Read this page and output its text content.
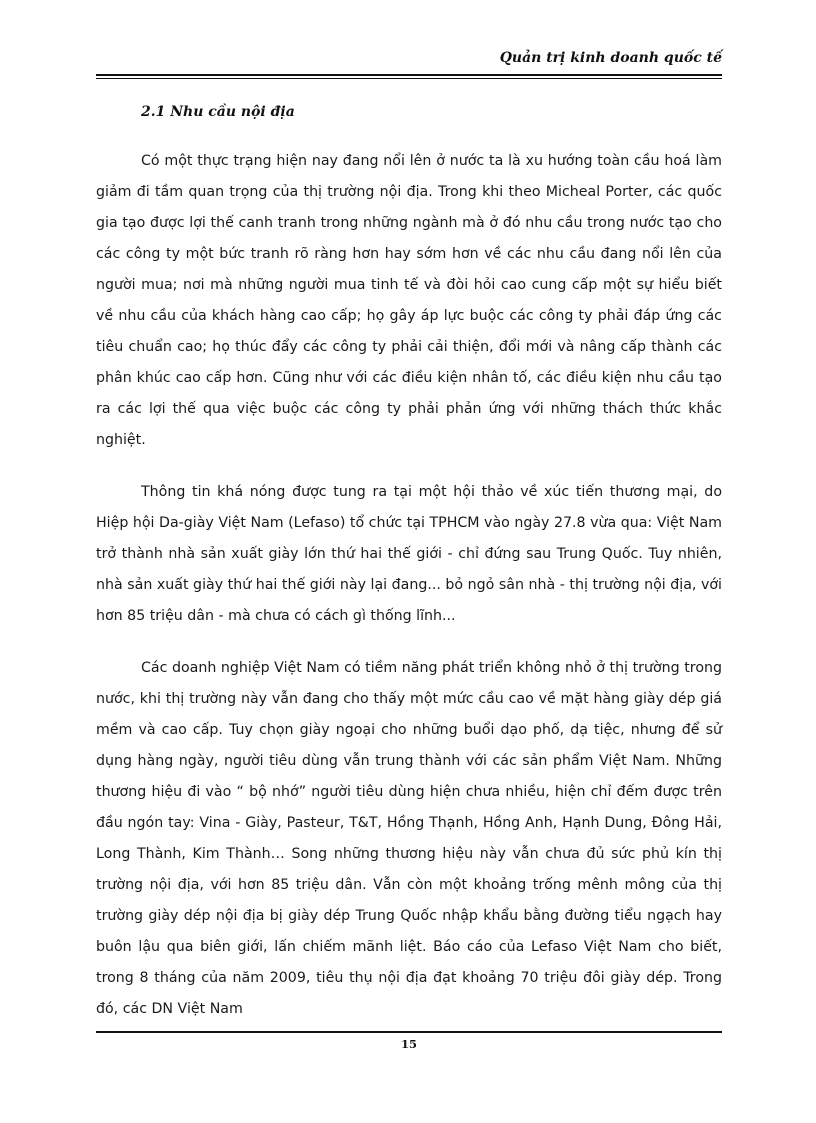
Quản trị kinh doanh quốc tế
2.1 Nhu cầu nội địa

Có một thực trạng hiện nay đang nổi lên ở nước ta là xu hướng toàn cầu hoá làm giảm đi tầm quan trọng của thị trường nội địa. Trong khi theo Micheal Porter, các quốc gia tạo được lợi thế canh tranh trong những ngành mà ở đó nhu cầu trong nước tạo cho các công ty một bức tranh rõ ràng hơn hay sớm hơn về các nhu cầu đang nổi lên của người mua; nơi mà những người mua tinh tế và đòi hỏi cao cung cấp một sự hiểu biết về nhu cầu của khách hàng cao cấp; họ gây áp lực buộc các công ty phải đáp ứng các tiêu chuẩn cao; họ thúc đẩy các công ty phải cải thiện, đổi mới và nâng cấp thành các phân khúc cao cấp hơn. Cũng như với các điều kiện nhân tố, các điều kiện nhu cầu tạo ra các lợi thế qua việc buộc các công ty phải phản ứng với những thách thức khắc nghiệt.

Thông tin khá nóng được tung ra tại một hội thảo về xúc tiến thương mại, do Hiệp hội Da-giày Việt Nam (Lefaso) tổ chức tại TPHCM vào ngày 27.8 vừa qua: Việt Nam trở thành nhà sản xuất giày lớn thứ hai thế giới - chỉ đứng sau Trung Quốc. Tuy nhiên, nhà sản xuất giày thứ hai thế giới này lại đang... bỏ ngỏ sân nhà - thị trường nội địa, với hơn 85 triệu dân - mà chưa có cách gì thống lĩnh...

Các doanh nghiệp Việt Nam có tiềm năng phát triển không nhỏ ở thị trường trong nước, khi thị trường này vẫn đang cho thấy một mức cầu cao về mặt hàng giày dép giá mềm và cao cấp. Tuy chọn giày ngoại cho những buổi dạo phố, dạ tiệc, nhưng để sử dụng hàng ngày, người tiêu dùng vẫn trung thành với các sản phẩm Việt Nam. Những thương hiệu đi vào “ bộ nhớ” người tiêu dùng hiện chưa nhiều, hiện chỉ đếm được trên đầu ngón tay: Vina - Giày, Pasteur, T&T, Hồng Thạnh, Hồng Anh, Hạnh Dung, Đông Hải, Long Thành, Kim Thành… Song những thương hiệu này vẫn chưa đủ sức phủ kín thị trường nội địa, với hơn 85 triệu dân. Vẫn còn một khoảng trống mênh mông của thị trường giày dép nội địa bị giày dép Trung Quốc nhập khẩu bằng đường tiểu ngạch hay buôn lậu qua biên giới, lấn chiếm mãnh liệt. Báo cáo của Lefaso Việt Nam cho biết, trong 8 tháng của năm 2009, tiêu thụ nội địa đạt khoảng 70 triệu đôi giày dép. Trong đó, các DN Việt Nam

15
